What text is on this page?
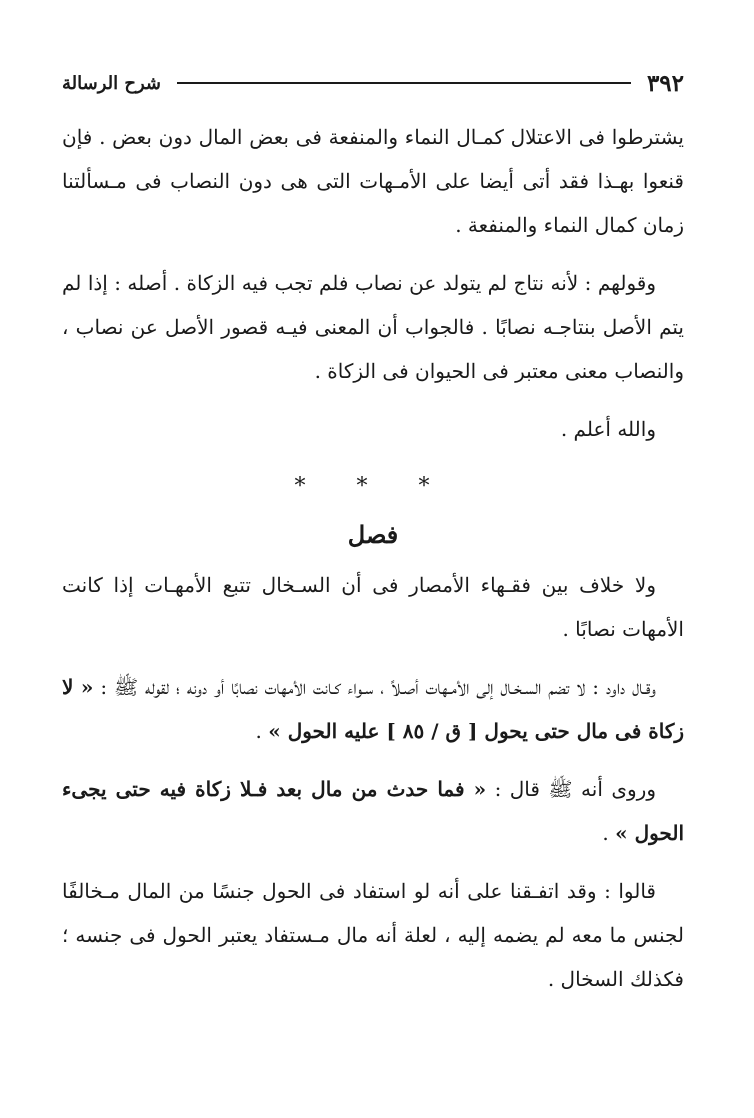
٣٩٢
شرح الرسالة

يشترطوا فى الاعتلال كمـال النماء والمنفعة فى بعض المال دون بعض . فإن قنعوا بهـذا فقد أتى أيضا على الأمـهات التى هى دون النصاب فى مـسألتنا زمان كمال النماء والمنفعة .

وقولهم : لأنه نتاج لم يتولد عن نصاب فلم تجب فيه الزكاة . أصله : إذا لم يتم الأصل بنتاجـه نصابًا . فالجواب أن المعنى فيـه قصور الأصل عن نصاب ، والنصاب معنى معتبر فى الحيوان فى الزكاة .

والله أعلم .

* * *
فصل

ولا خلاف بين فقـهاء الأمصار فى أن السـخال تتبع الأمهـات إذا كانت الأمهات نصابًا .

وقـال داود : لا تضم السـخـال إلى الأمـهات أصـلاً ، سـواء كـانت الأمهات نصابًا أو دونه ؛ لقوله ﷺ : « لا زكاة فى مال حتى يحول [ ق / ٨٥ ] عليه الحول » .

وروى أنه ﷺ قال : « فما حدث من مال بعد فـلا زكاة فيه حتى يجىء الحول » .

قالوا : وقد اتفـقنا على أنه لو استفاد فى الحول جنسًا من المال مـخالفًا لجنس ما معه لم يضمه إليه ، لعلة أنه مال مـستفاد يعتبر الحول فى جنسه ؛ فكذلك السخال .
